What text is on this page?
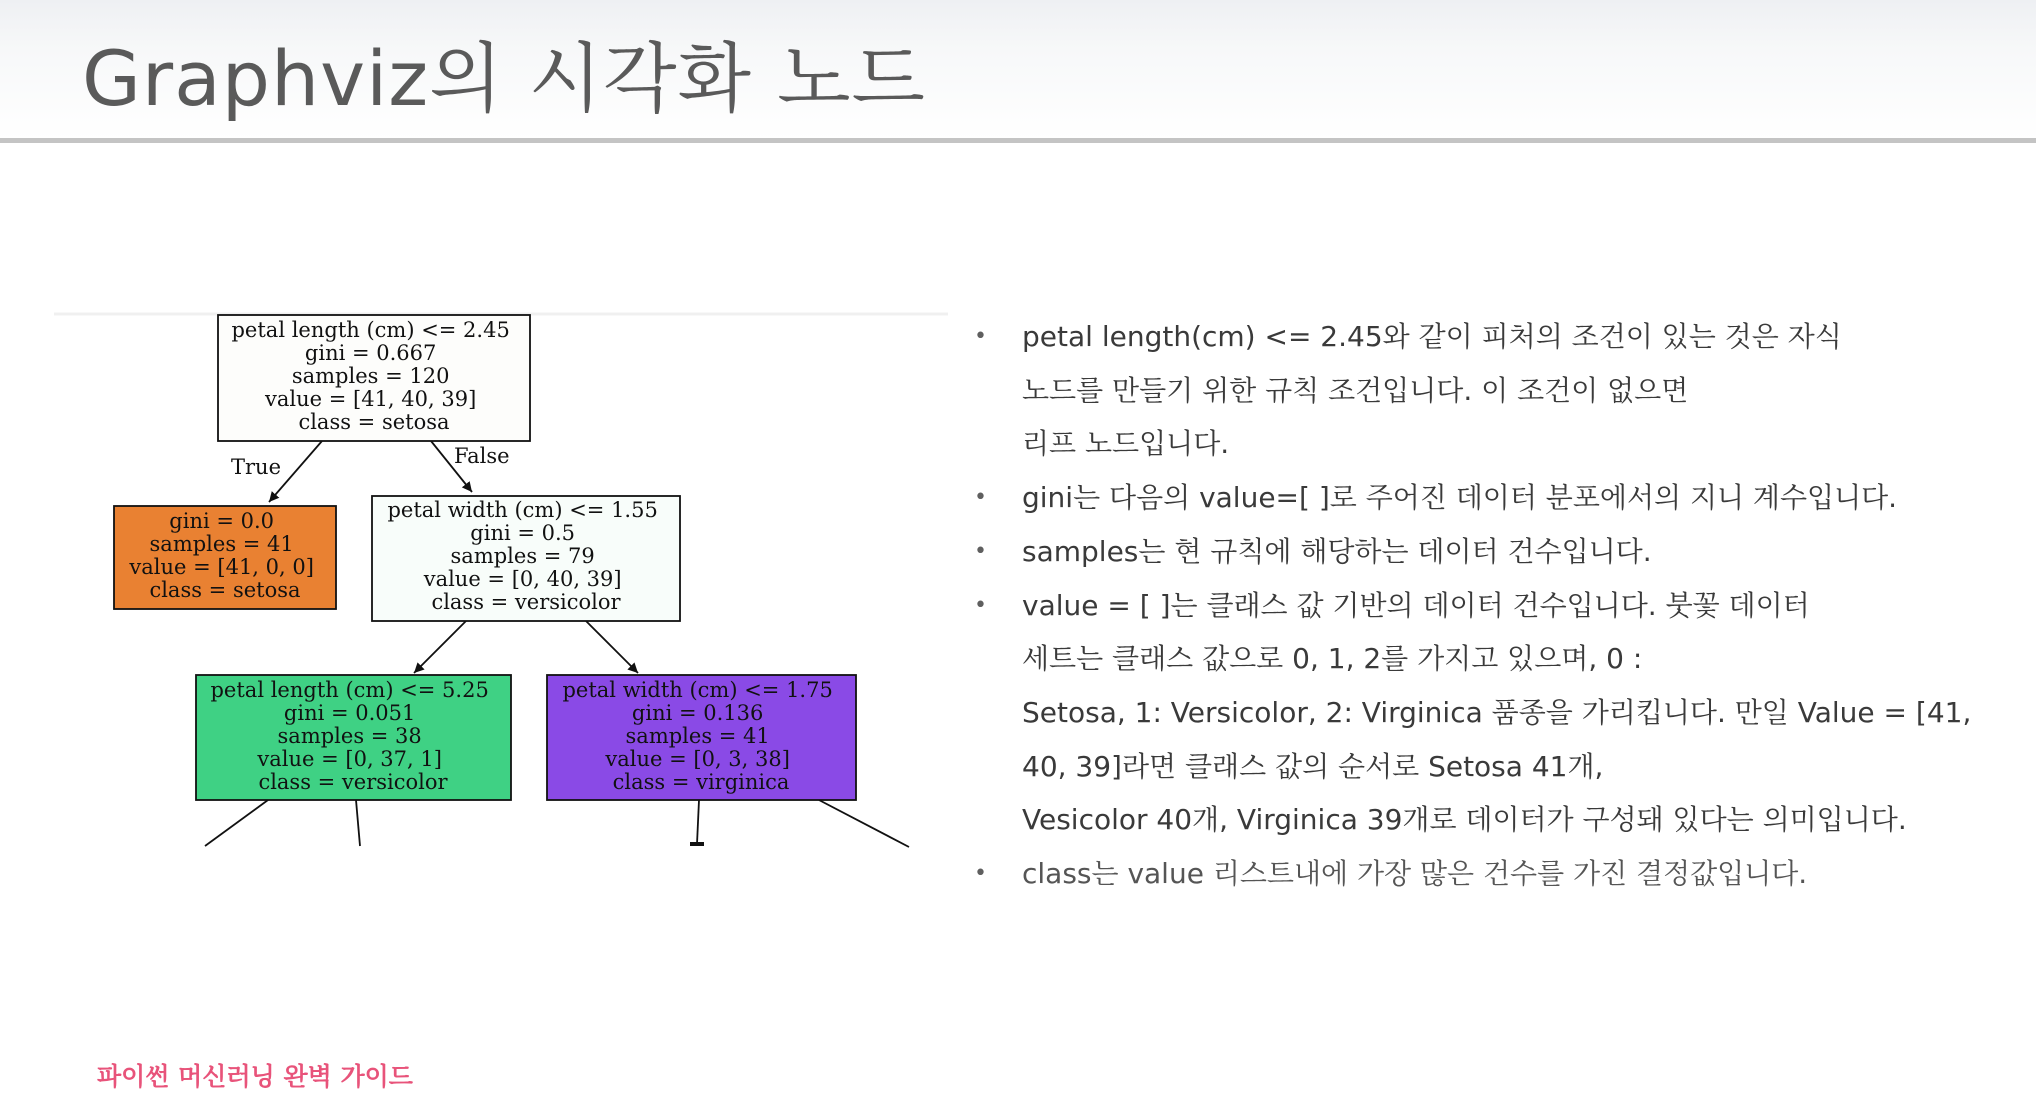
Graphviz의 시각화 노드
True	False
petal length (cm) <= 2.45 gini = 0.667 samples = 120 value = [41, 40, 39] class = setosa
gini = 0.0 samples = 41 value = [41, 0, 0] class = setosa
petal width (cm) <= 1.55 gini = 0.5 samples = 79 value = [0, 40, 39] class = versicolor
petal length (cm) <= 5.25 gini = 0.051 samples = 38 value = [0, 37, 1] class = versicolor
petal width (cm) <= 1.75 gini = 0.136 samples = 41 value = [0, 3, 38] class = virginica
• petal length(cm) <= 2.45와 같이 피처의 조건이 있는 것은 자식
노드를 만들기 위한 규칙 조건입니다. 이 조건이 없으면
리프 노드입니다.
• gini는 다음의 value=[ ]로 주어진 데이터 분포에서의 지니 계수입니다.
• samples는 현 규칙에 해당하는 데이터 건수입니다.
• value = [ ]는 클래스 값 기반의 데이터 건수입니다. 붓꽃 데이터
세트는 클래스 값으로 0, 1, 2를 가지고 있으며, 0 :
Setosa, 1: Versicolor, 2: Virginica 품종을 가리킵니다. 만일 Value = [41,
40, 39]라면 클래스 값의 순서로 Setosa 41개,
Vesicolor 40개, Virginica 39개로 데이터가 구성돼 있다는 의미입니다.
• class는 value 리스트내에 가장 많은 건수를 가진 결정값입니다.
파이썬 머신러닝 완벽 가이드
